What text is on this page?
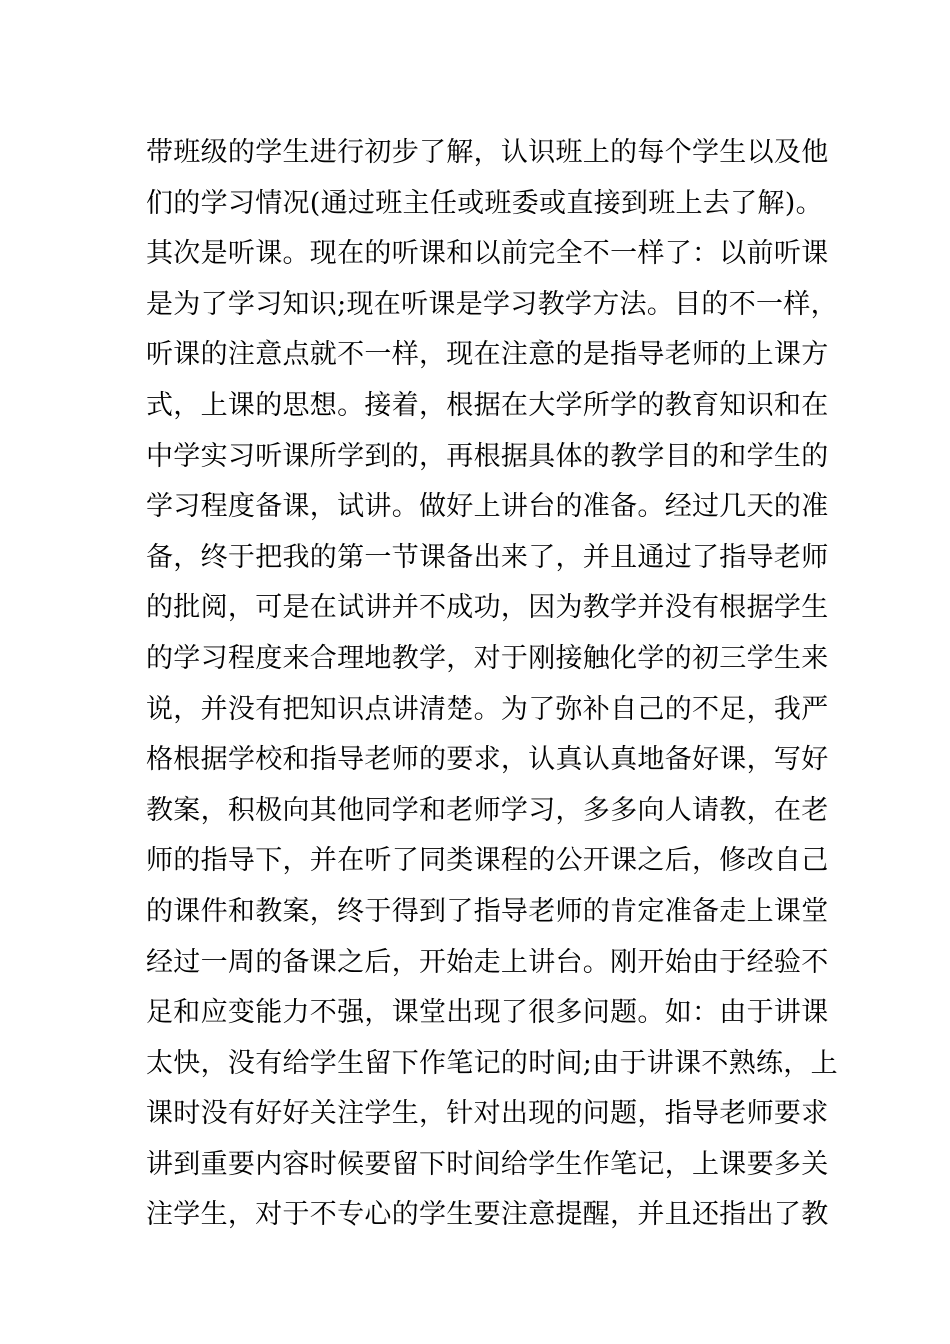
带班级的学生进行初步了解，认识班上的每个学生以及他
们的学习情况(通过班主任或班委或直接到班上去了解)。
其次是听课。现在的听课和以前完全不一样了：以前听课
是为了学习知识;现在听课是学习教学方法。目的不一样，
听课的注意点就不一样，现在注意的是指导老师的上课方
式，上课的思想。接着，根据在大学所学的教育知识和在
中学实习听课所学到的，再根据具体的教学目的和学生的
学习程度备课，试讲。做好上讲台的准备。经过几天的准
备，终于把我的第一节课备出来了，并且通过了指导老师
的批阅，可是在试讲并不成功，因为教学并没有根据学生
的学习程度来合理地教学，对于刚接触化学的初三学生来
说，并没有把知识点讲清楚。为了弥补自己的不足，我严
格根据学校和指导老师的要求，认真认真地备好课，写好
教案，积极向其他同学和老师学习，多多向人请教，在老
师的指导下，并在听了同类课程的公开课之后，修改自己
的课件和教案，终于得到了指导老师的肯定准备走上课堂
经过一周的备课之后，开始走上讲台。刚开始由于经验不
足和应变能力不强，课堂出现了很多问题。如：由于讲课
太快，没有给学生留下作笔记的时间;由于讲课不熟练，上
课时没有好好关注学生，针对出现的问题，指导老师要求
讲到重要内容时候要留下时间给学生作笔记，上课要多关
注学生，对于不专心的学生要注意提醒，并且还指出了教
